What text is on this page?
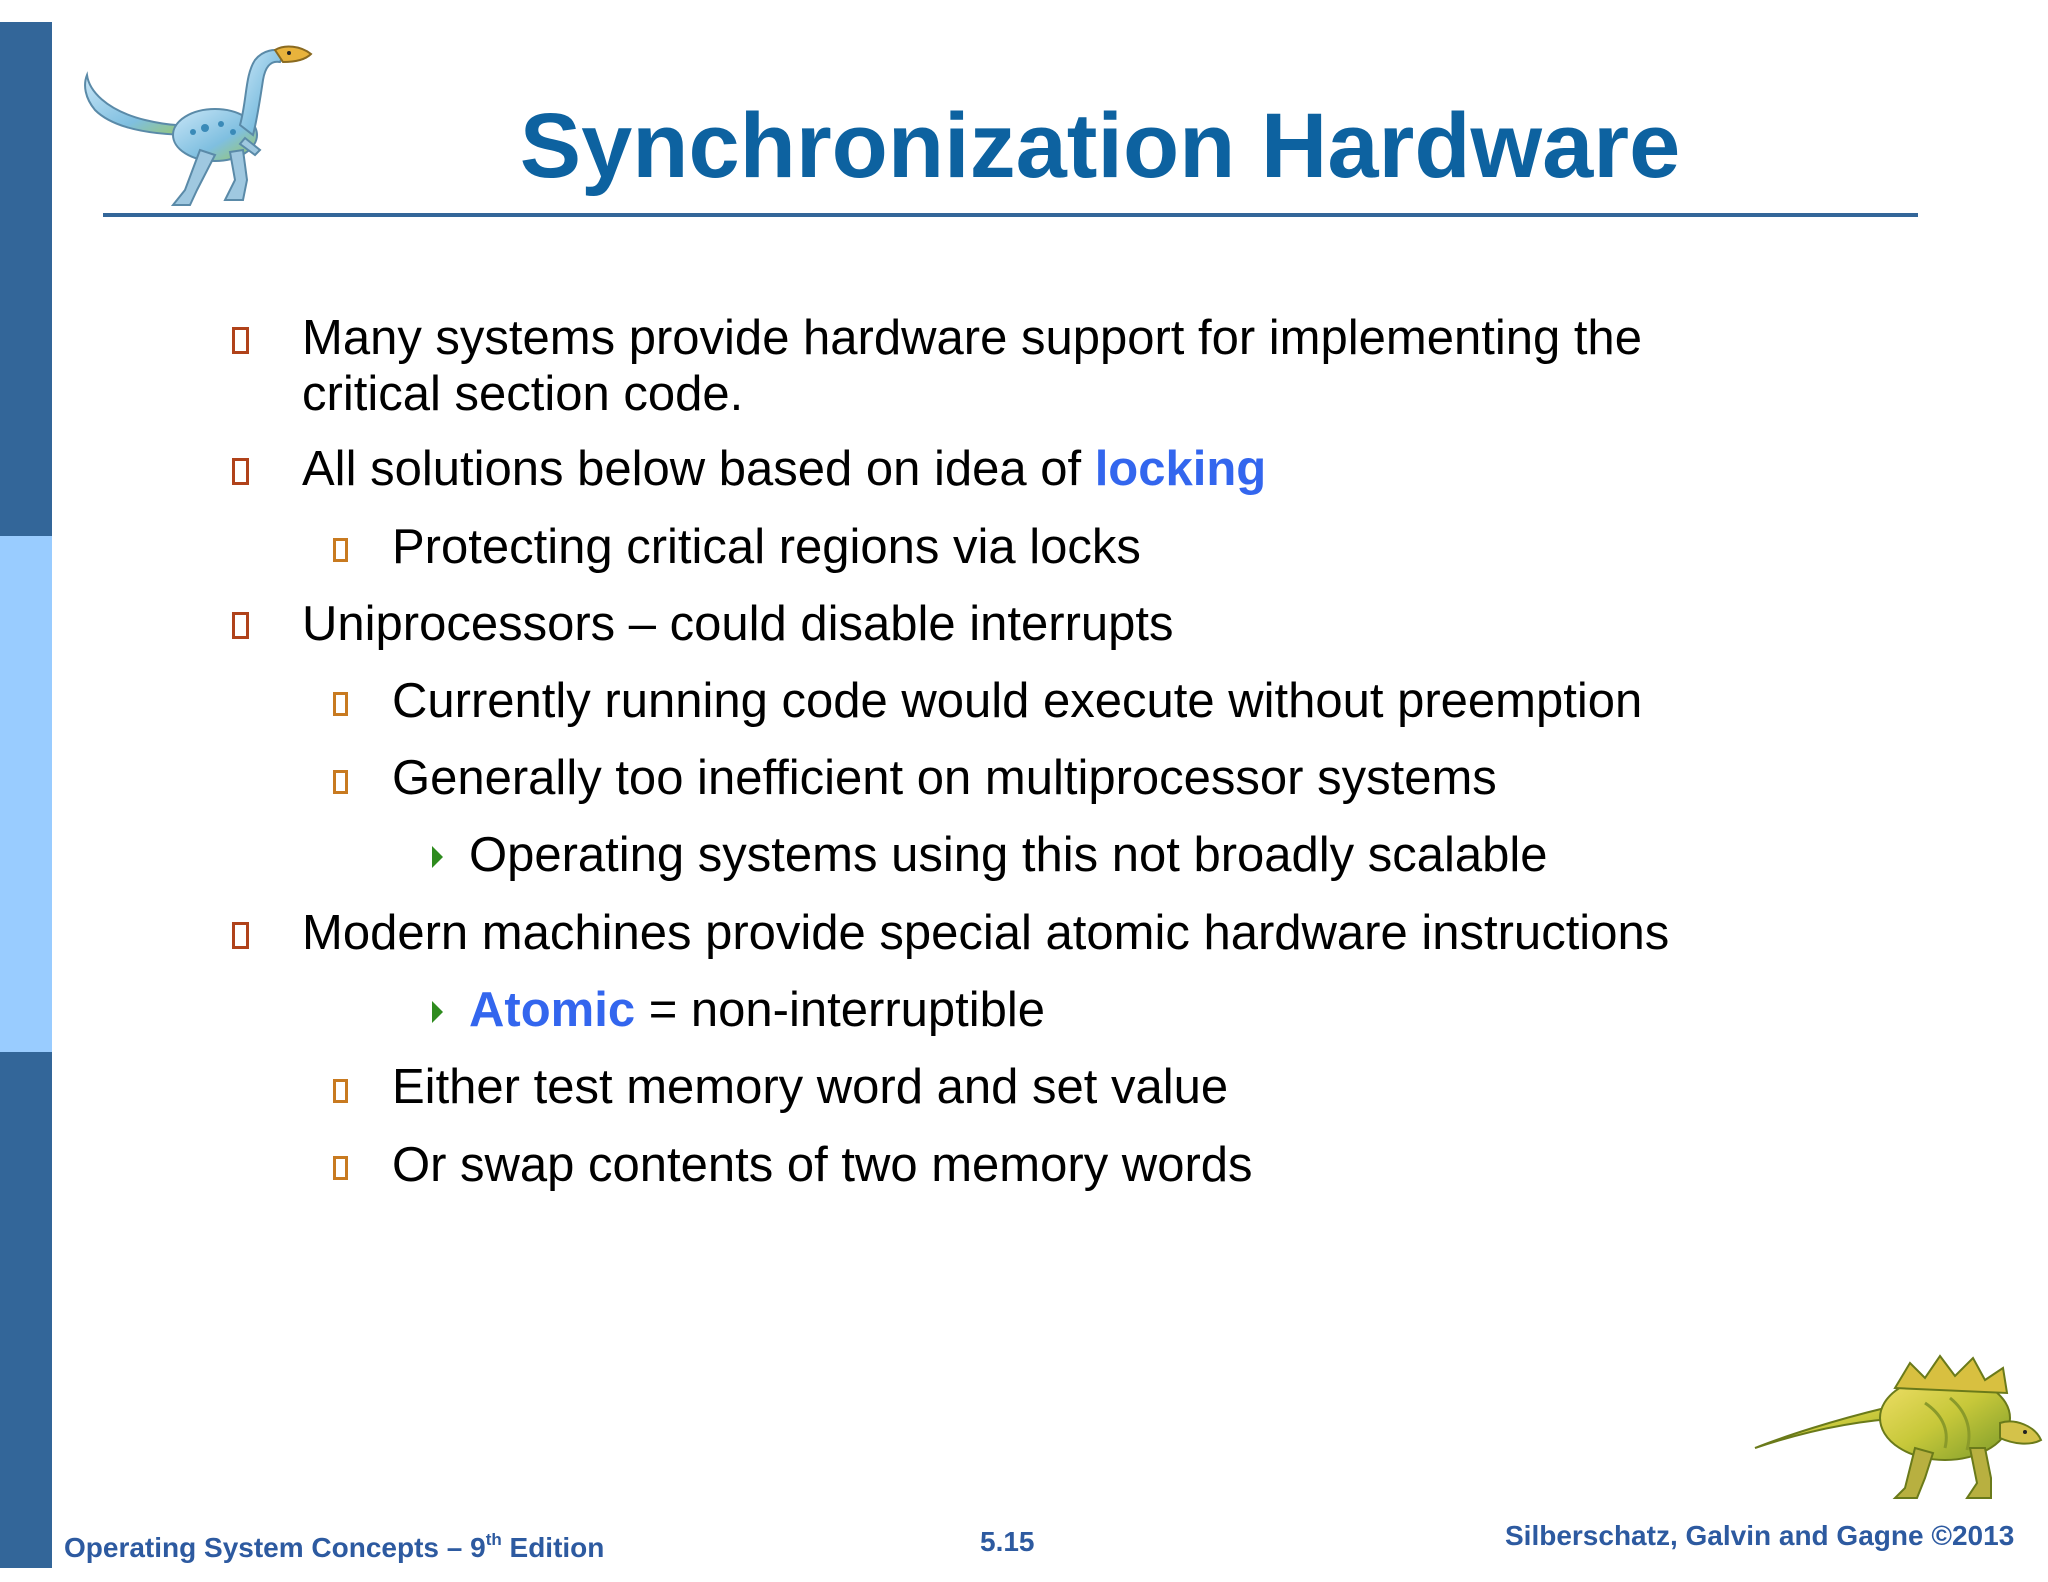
Synchronization Hardware
Many systems provide hardware support for implementing the
critical section code.
All solutions below based on idea of locking
Protecting critical regions via locks
Uniprocessors – could disable interrupts
Currently running code would execute without preemption
Generally too inefficient on multiprocessor systems
Operating systems using this not broadly scalable
Modern machines provide special atomic hardware instructions
Atomic = non-interruptible
Either test memory word and set value
Or swap contents of two memory words
Operating System Concepts – 9th Edition	5.15	Silberschatz, Galvin and Gagne ©2013
